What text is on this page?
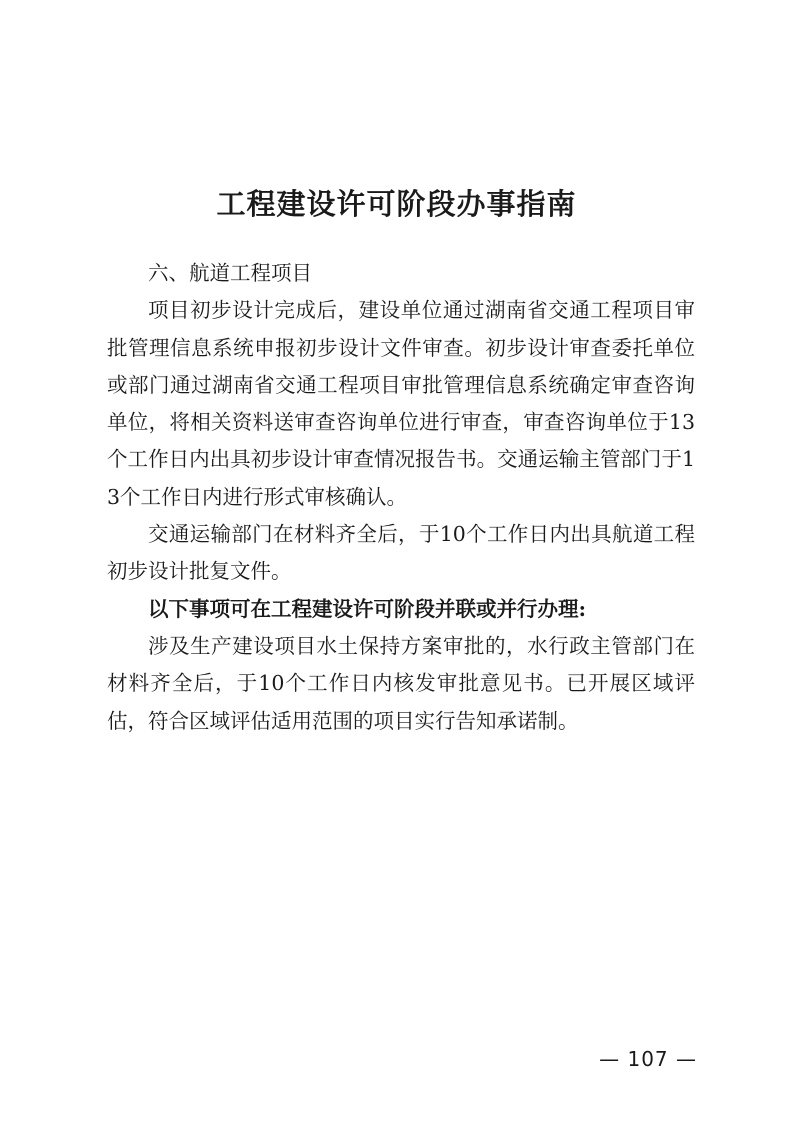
工程建设许可阶段办事指南

六、航道工程项目

项目初步设计完成后，建设单位通过湖南省交通工程项目审批管理信息系统申报初步设计文件审查。初步设计审查委托单位或部门通过湖南省交通工程项目审批管理信息系统确定审查咨询单位，将相关资料送审查咨询单位进行审查，审查咨询单位于13个工作日内出具初步设计审查情况报告书。交通运输主管部门于13个工作日内进行形式审核确认。

交通运输部门在材料齐全后，于10个工作日内出具航道工程初步设计批复文件。

以下事项可在工程建设许可阶段并联或并行办理:

涉及生产建设项目水土保持方案审批的，水行政主管部门在材料齐全后，于10个工作日内核发审批意见书。已开展区域评估，符合区域评估适用范围的项目实行告知承诺制。

— 107 —
